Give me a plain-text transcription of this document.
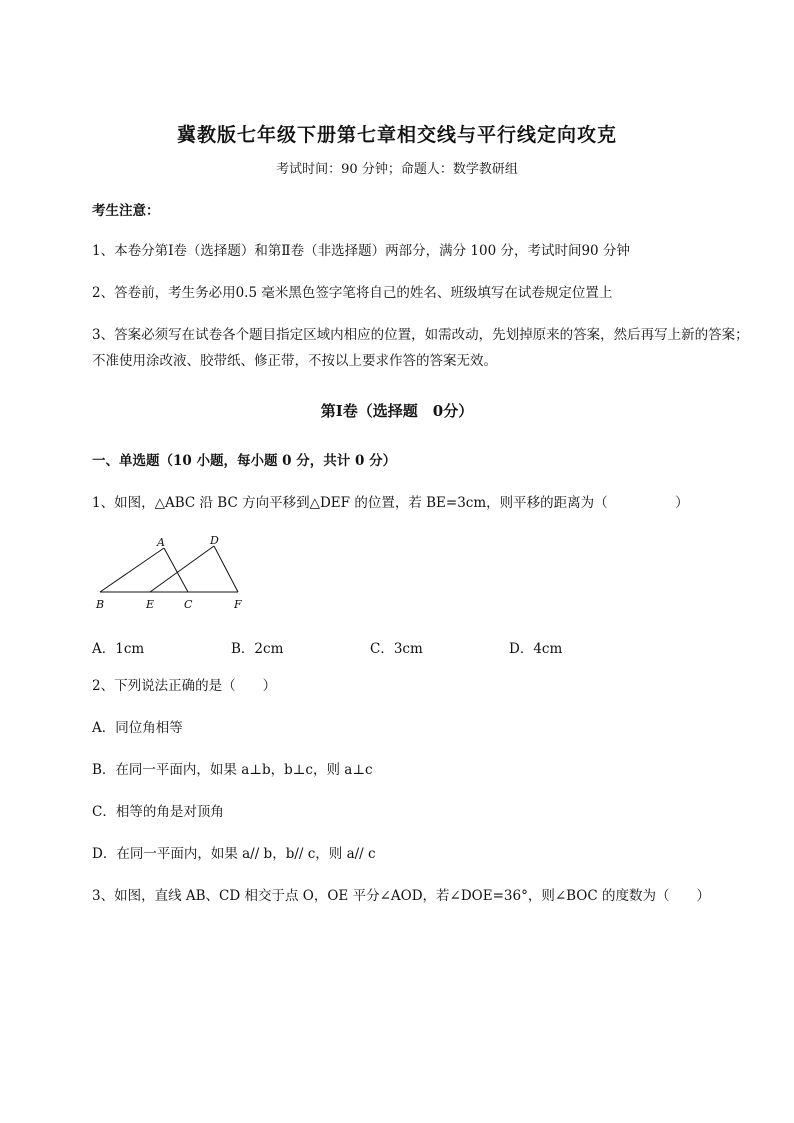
冀教版七年级下册第七章相交线与平行线定向攻克
考试时间：90 分钟；命题人：数学教研组
考生注意：
1、本卷分第Ⅰ卷（选择题）和第Ⅱ卷（非选择题）两部分，满分 100 分，考试时间90 分钟
2、答卷前，考生务必用0.5 毫米黑色签字笔将自己的姓名、班级填写在试卷规定位置上
3、答案必须写在试卷各个题目指定区域内相应的位置，如需改动，先划掉原来的答案，然后再写上新的答案；不准使用涂改液、胶带纸、修正带，不按以上要求作答的答案无效。
第Ⅰ卷（选择题　0分）
一、单选题（10 小题，每小题 0 分，共计 0 分）
1、如图，△ABC 沿 BC 方向平移到△DEF 的位置，若 BE=3cm，则平移的距离为（　　　　　）
A	D
B	E	C	F
A．1cm	B．2cm	C．3cm	D．4cm
2、下列说法正确的是（　　）
A．同位角相等
B．在同一平面内，如果 a⊥b，b⊥c，则 a⊥c
C．相等的角是对顶角
D．在同一平面内，如果 a// b，b// c，则 a// c
3、如图，直线 AB、CD 相交于点 O，OE 平分∠AOD，若∠DOE=36°，则∠BOC 的度数为（　　）
